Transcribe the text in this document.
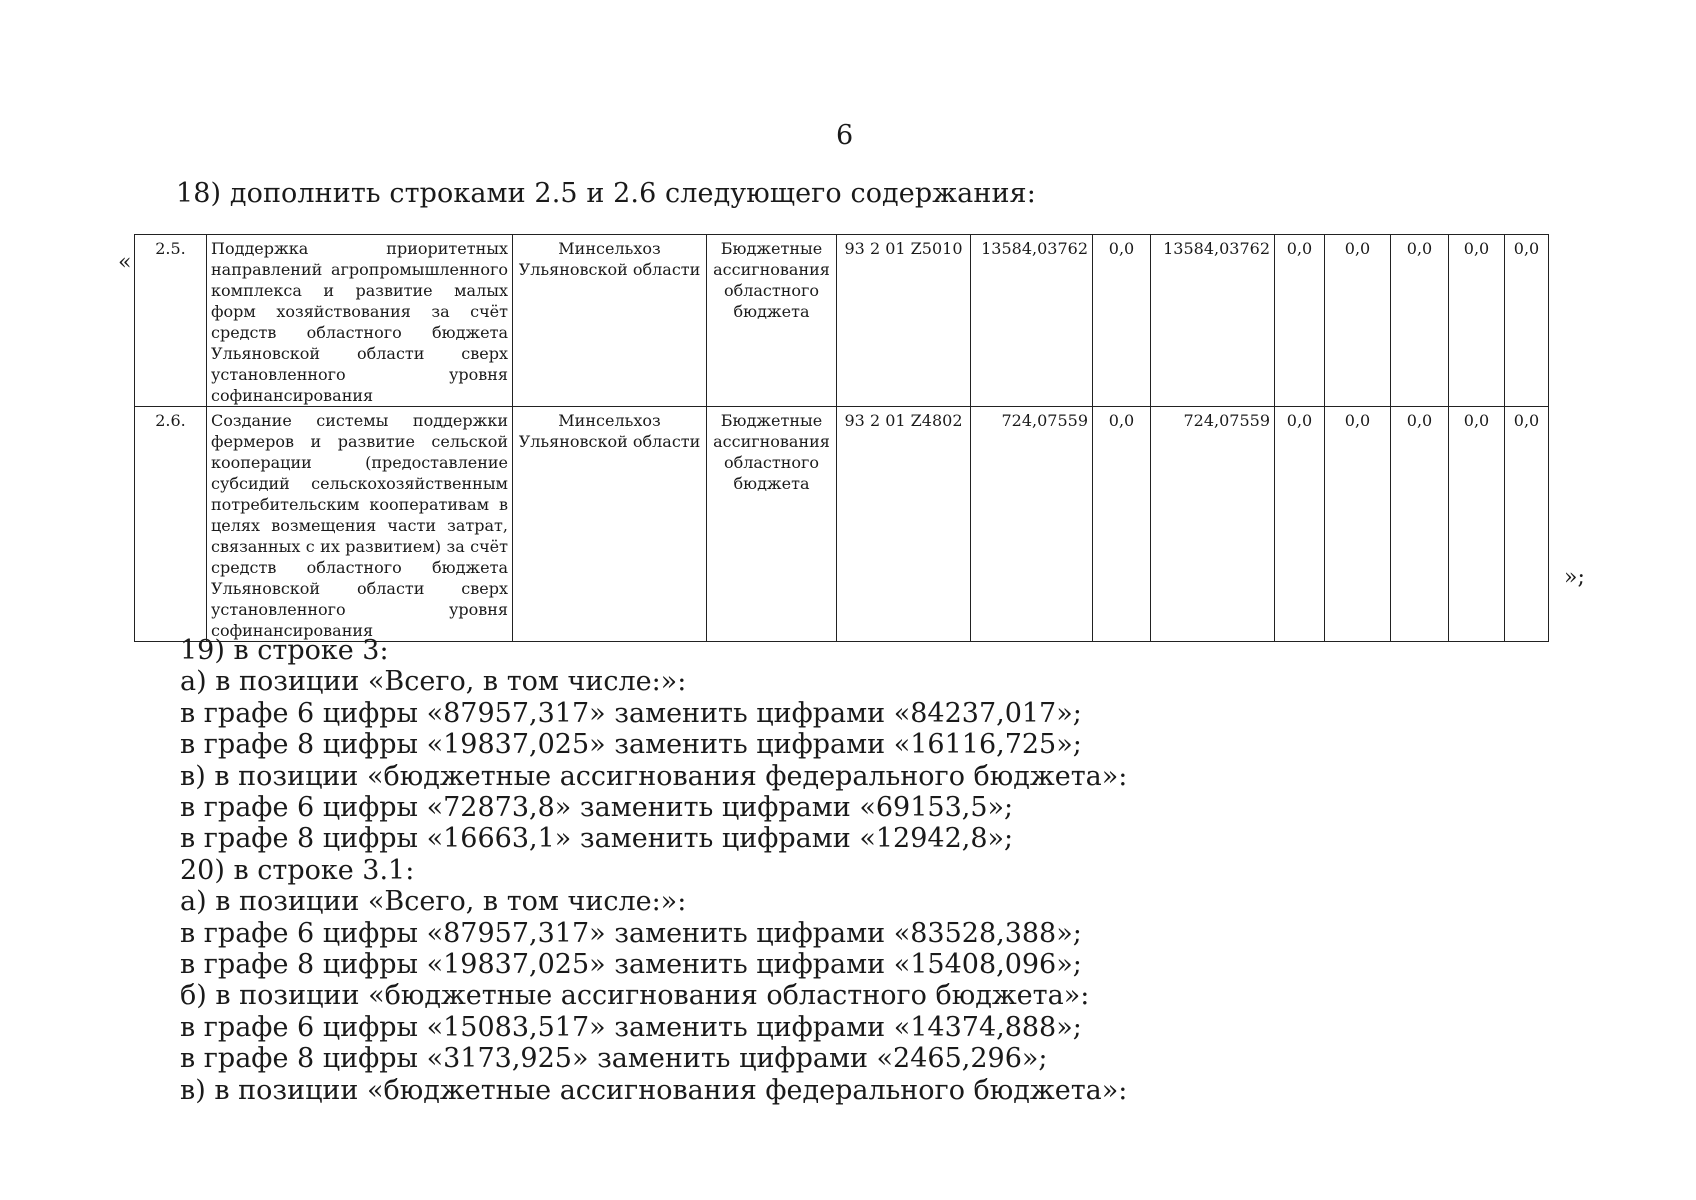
6
18) дополнить строками 2.5 и 2.6 следующего содержания:
«
2.5.	Поддержка приоритетных направлений агропромышленного комплекса и развитие малых форм хозяйствования за счёт средств областного бюджета Ульяновской области сверх установленного уровня софинансирования	Минсельхоз Ульяновской области	Бюджетные ассигнования областного бюджета	93 2 01 Z5010	13584,03762	0,0	13584,03762	0,0	0,0	0,0	0,0	0,0
2.6.	Создание системы поддержки фермеров и развитие сельской кооперации (предоставление субсидий сельскохозяйственным потребительским кооперативам в целях возмещения части затрат, связанных с их развитием) за счёт средств областного бюджета Ульяновской области сверх установленного уровня софинансирования	Минсельхоз Ульяновской области	Бюджетные ассигнования областного бюджета	93 2 01 Z4802	724,07559	0,0	724,07559	0,0	0,0	0,0	0,0	0,0
»;
19) в строке 3:
а) в позиции «Всего, в том числе:»:
в графе 6 цифры «87957,317» заменить цифрами «84237,017»;
в графе 8 цифры «19837,025» заменить цифрами «16116,725»;
в) в позиции «бюджетные ассигнования федерального бюджета»:
в графе 6 цифры «72873,8» заменить цифрами «69153,5»;
в графе 8 цифры «16663,1» заменить цифрами «12942,8»;
20) в строке 3.1:
а) в позиции «Всего, в том числе:»:
в графе 6 цифры «87957,317» заменить цифрами «83528,388»;
в графе 8 цифры «19837,025» заменить цифрами «15408,096»;
б) в позиции «бюджетные ассигнования областного бюджета»:
в графе 6 цифры «15083,517» заменить цифрами «14374,888»;
в графе 8 цифры «3173,925» заменить цифрами «2465,296»;
в) в позиции «бюджетные ассигнования федерального бюджета»:
